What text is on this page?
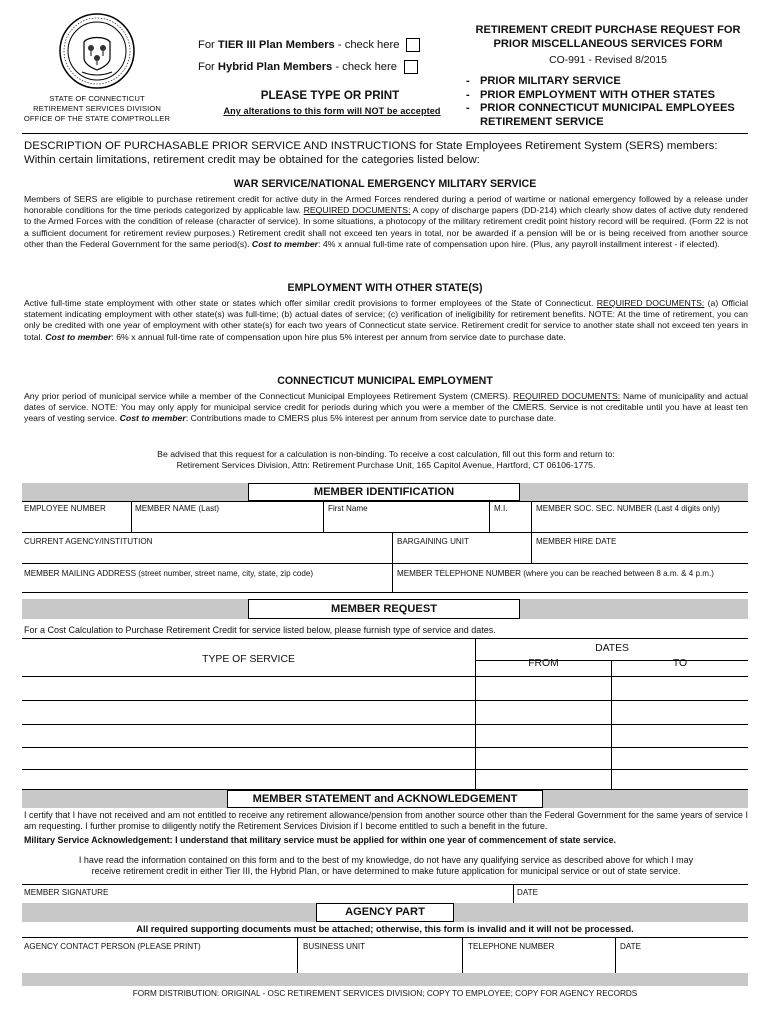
STATE OF CONNECTICUT
RETIREMENT SERVICES DIVISION
OFFICE OF THE STATE COMPTROLLER
For TIER III Plan Members - check here
For Hybrid Plan Members - check here
PLEASE TYPE OR PRINT
Any alterations to this form will NOT be accepted
RETIREMENT CREDIT PURCHASE REQUEST FOR
PRIOR MISCELLANEOUS SERVICES FORM
CO-991 - Revised 8/2015
- PRIOR MILITARY SERVICE
- PRIOR EMPLOYMENT WITH OTHER STATES
- PRIOR CONNECTICUT MUNICIPAL EMPLOYEES
RETIREMENT SERVICE
DESCRIPTION OF PURCHASABLE PRIOR SERVICE AND INSTRUCTIONS for State Employees Retirement System (SERS) members:
Within certain limitations, retirement credit may be obtained for the categories listed below:
WAR SERVICE/NATIONAL EMERGENCY MILITARY SERVICE
Members of SERS are eligible to purchase retirement credit for active duty in the Armed Forces rendered during a period of wartime or national emergency followed by a release under honorable conditions for the time periods categorized by applicable law. REQUIRED DOCUMENTS: A copy of discharge papers (DD-214) which clearly show dates of active duty rendered to the Armed Forces with the condition of release (character of service). In some situations, a photocopy of the military retirement credit point history record will be required. (Form 22 is not a sufficient document for retirement review purposes.) Retirement credit shall not exceed ten years in total, nor be awarded if a pension will be or is being received from another source other than the Federal Government for the same period(s). Cost to member: 4% x annual full-time rate of compensation upon hire. (Plus, any payroll installment interest - if elected).
EMPLOYMENT WITH OTHER STATE(S)
Active full-time state employment with other state or states which offer similar credit provisions to former employees of the State of Connecticut. REQUIRED DOCUMENTS: (a) Official statement indicating employment with other state(s) was full-time; (b) actual dates of service; (c) verification of ineligibility for retirement benefits. NOTE: At the time of retirement, you can only be credited with one year of employment with other state(s) for each two years of Connecticut state service. Retirement credit for service to another state shall not exceed ten years in total. Cost to member: 6% x annual full-time rate of compensation upon hire plus 5% interest per annum from service date to purchase date.
CONNECTICUT MUNICIPAL EMPLOYMENT
Any prior period of municipal service while a member of the Connecticut Municipal Employees Retirement System (CMERS). REQUIRED DOCUMENTS: Name of municipality and actual dates of service. NOTE: You may only apply for municipal service credit for periods during which you were a member of the CMERS. Service is not creditable until you have at least ten years of vesting service. Cost to member: Contributions made to CMERS plus 5% interest per annum from service date to purchase date.
Be advised that this request for a calculation is non-binding. To receive a cost calculation, fill out this form and return to:
Retirement Services Division, Attn: Retirement Purchase Unit, 165 Capitol Avenue, Hartford, CT 06106-1775.
MEMBER IDENTIFICATION
EMPLOYEE NUMBER	MEMBER NAME (Last)	First Name	M.I.	MEMBER SOC. SEC. NUMBER (Last 4 digits only)
CURRENT AGENCY/INSTITUTION	BARGAINING UNIT	MEMBER HIRE DATE
MEMBER MAILING ADDRESS (street number, street name, city, state, zip code)	MEMBER TELEPHONE NUMBER (where you can be reached between 8 a.m. & 4 p.m.)
MEMBER REQUEST
For a Cost Calculation to Purchase Retirement Credit for service listed below, please furnish type of service and dates.
TYPE OF SERVICE
DATES
FROM	TO
MEMBER STATEMENT and ACKNOWLEDGEMENT
I certify that I have not received and am not entitled to receive any retirement allowance/pension from another source other than the Federal Government for the same years of service I am requesting. I further promise to diligently notify the Retirement Services Division if I become entitled to such a benefit in the future.
Military Service Acknowledgement: I understand that military service must be applied for within one year of commencement of state service.
I have read the information contained on this form and to the best of my knowledge, do not have any qualifying service as described above for which I may
receive retirement credit in either Tier III, the Hybrid Plan, or have determined to make future application for municipal service or out of state service.
MEMBER SIGNATURE	DATE
AGENCY PART
All required supporting documents must be attached; otherwise, this form is invalid and it will not be processed.
AGENCY CONTACT PERSON (PLEASE PRINT)	BUSINESS UNIT	TELEPHONE NUMBER	DATE
FORM DISTRIBUTION: ORIGINAL - OSC RETIREMENT SERVICES DIVISION; COPY TO EMPLOYEE; COPY FOR AGENCY RECORDS
